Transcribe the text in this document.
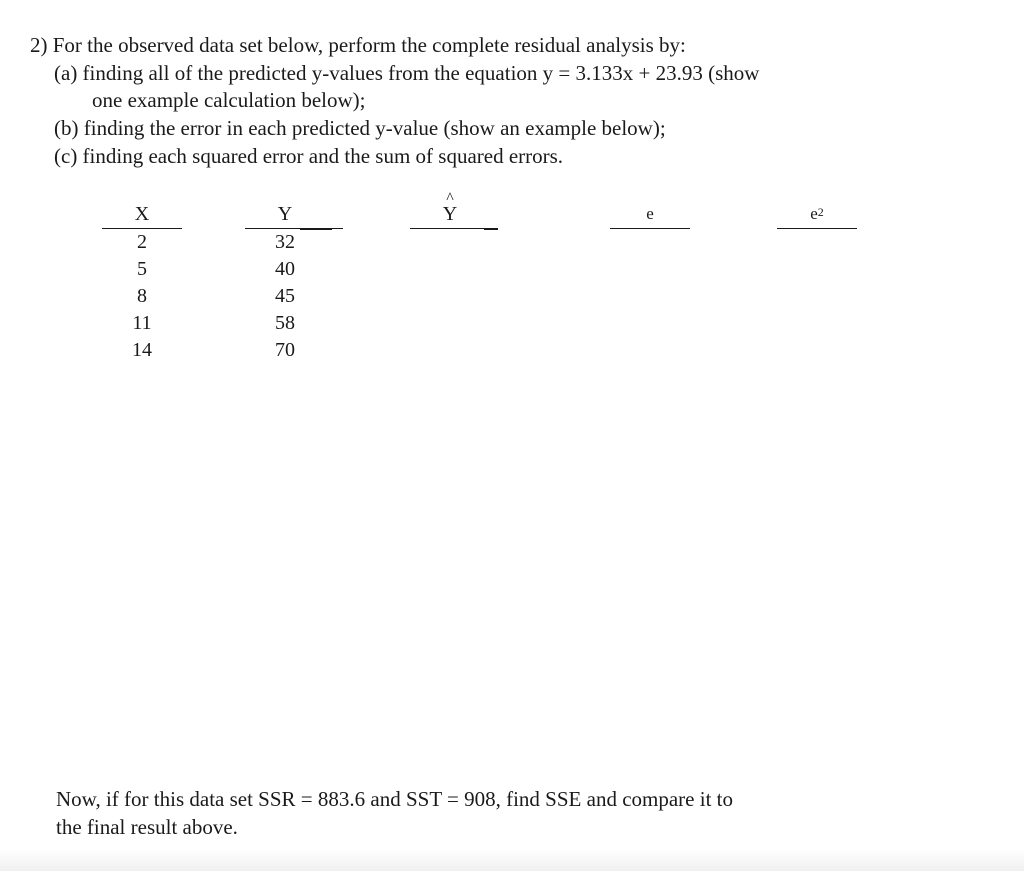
2) For the observed data set below, perform the complete residual analysis by:
(a) finding all of the predicted y-values from the equation y = 3.133x + 23.93 (show
one example calculation below);
(b) finding the error in each predicted y-value (show an example below);
(c) finding each squared error and the sum of squared errors.
X
2
5
8
11
14
Y
32
40
45
58
70
^
Y	e	$e^2$
Now, if for this data set SSR = 883.6 and SST = 908, find SSE and compare it to
the final result above.
